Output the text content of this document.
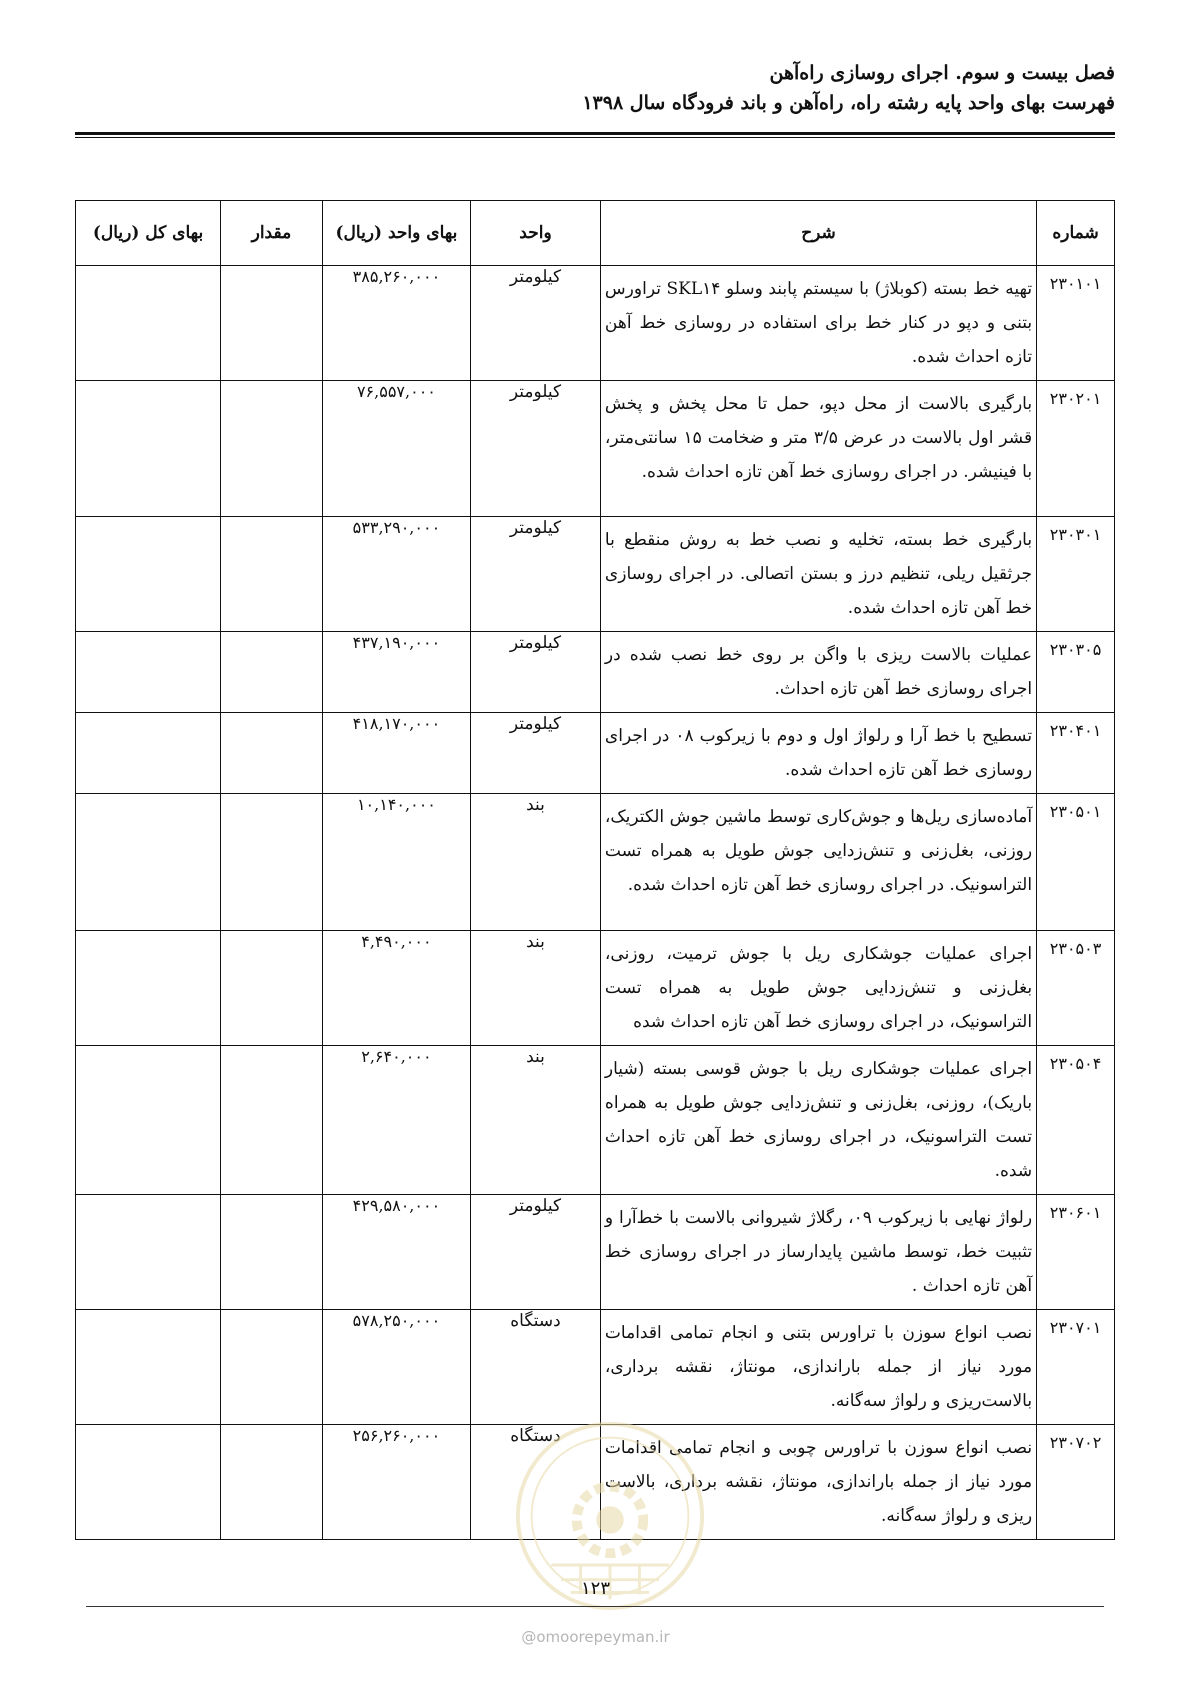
فصل بیست و سوم. اجرای روسازی راه‌آهن
فهرست بهای واحد پایه رشته راه، راه‌آهن و باند فرودگاه سال ۱۳۹۸
شماره	شرح	واحد	بهای واحد (ریال)	مقدار	بهای کل (ریال)
۲۳۰۱۰۱	تهیه خط بسته (کوبلاژ) با سیستم پابند وسلو SKL۱۴ تراورس بتنی و دپو در کنار خط برای استفاده در روسازی خط آهن تازه احداث شده.	کیلومتر	۳۸۵,۲۶۰,۰۰۰		
۲۳۰۲۰۱	بارگیری بالاست از محل دپو، حمل تا محل پخش و پخش قشر اول بالاست در عرض ۳/۵ متر و ضخامت ۱۵ سانتی‌متر، با فینیشر. در اجرای روسازی خط آهن تازه احداث شده.	کیلومتر	۷۶,۵۵۷,۰۰۰		
۲۳۰۳۰۱	بارگیری خط بسته، تخلیه و نصب خط به روش منقطع با جرثقیل ریلی، تنظیم درز و بستن اتصالی. در اجرای روسازی خط آهن تازه احداث شده.	کیلومتر	۵۳۳,۲۹۰,۰۰۰		
۲۳۰۳۰۵	عملیات بالاست ریزی با واگن بر روی خط نصب شده در اجرای روسازی خط آهن تازه احداث.	کیلومتر	۴۳۷,۱۹۰,۰۰۰		
۲۳۰۴۰۱	تسطیح با خط آرا و رلواژ اول و دوم با زیرکوب ۰۸ در اجرای روسازی خط آهن تازه احداث شده.	کیلومتر	۴۱۸,۱۷۰,۰۰۰		
۲۳۰۵۰۱	آماده‌سازی ریل‌ها و جوش‌کاری توسط ماشین جوش الکتریک، روزنی، بغل‌زنی و تنش‌زدایی جوش طویل به همراه تست التراسونیک. در اجرای روسازی خط آهن تازه احداث شده.	بند	۱۰,۱۴۰,۰۰۰		
۲۳۰۵۰۳	اجرای عملیات جوشکاری ریل با جوش ترمیت، روزنی، بغل‌زنی و تنش‌زدایی جوش طویل به همراه تست التراسونیک، در اجرای روسازی خط آهن تازه احداث شده	بند	۴,۴۹۰,۰۰۰		
۲۳۰۵۰۴	اجرای عملیات جوشکاری ریل با جوش قوسی بسته (شیار باریک)، روزنی، بغل‌زنی و تنش‌زدایی جوش طویل به همراه تست التراسونیک، در اجرای روسازی خط آهن تازه احداث شده.	بند	۲,۶۴۰,۰۰۰		
۲۳۰۶۰۱	رلواژ نهایی با زیرکوب ۰۹، رگلاژ شیروانی بالاست با خط‌آرا و تثبیت خط، توسط ماشین پایدارساز در اجرای روسازی خط آهن تازه احداث .	کیلومتر	۴۲۹,۵۸۰,۰۰۰		
۲۳۰۷۰۱	نصب انواع سوزن با تراورس بتنی و انجام تمامی اقدامات مورد نیاز از جمله باراندازی، مونتاژ، نقشه برداری، بالاست‌ریزی و رلواژ سه‌گانه.	دستگاه	۵۷۸,۲۵۰,۰۰۰		
۲۳۰۷۰۲	نصب انواع سوزن با تراورس چوبی و انجام تمامی اقدامات مورد نیاز از جمله باراندازی، مونتاژ، نقشه برداری، بالاست ریزی و رلواژ سه‌گانه.	دستگاه	۲۵۶,۲۶۰,۰۰۰		
۱۲۳
@omoorepeyman.ir
